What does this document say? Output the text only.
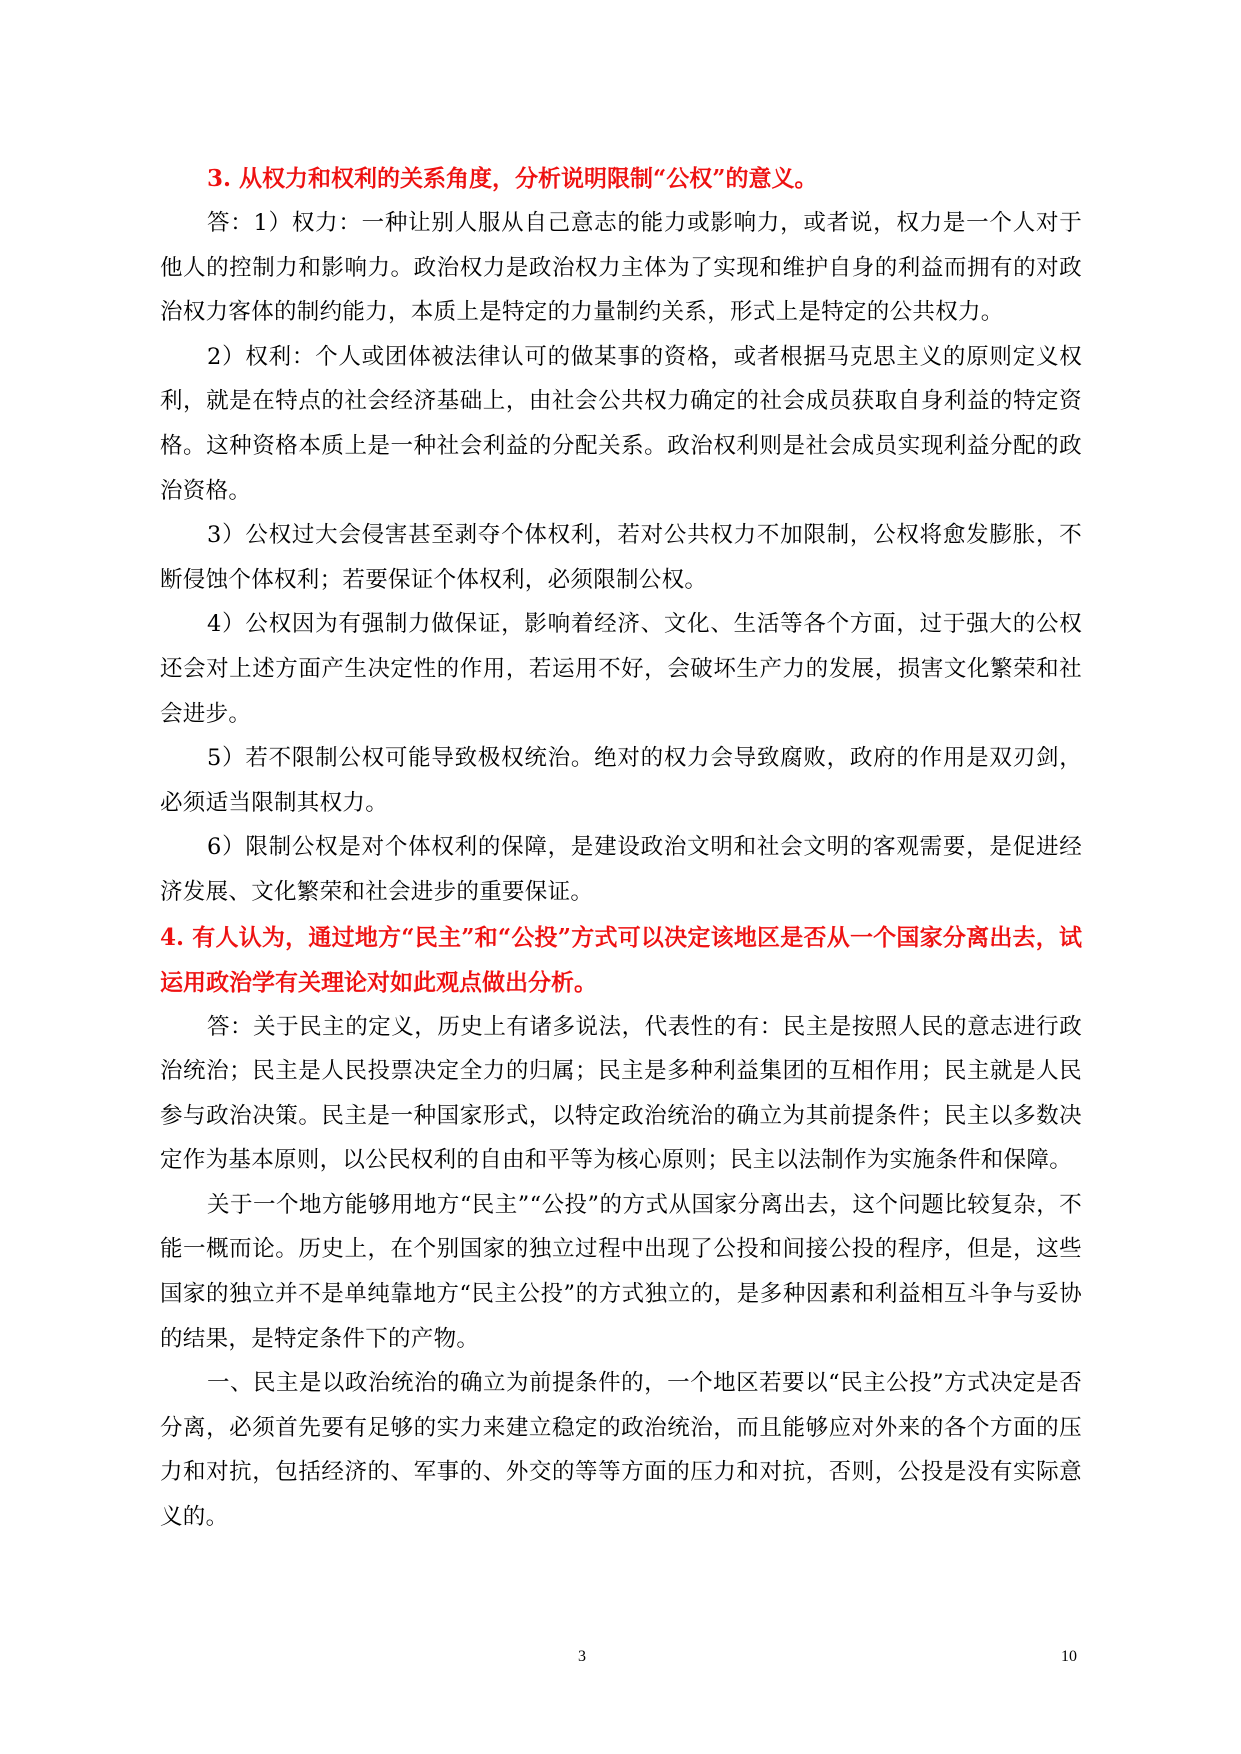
3. 从权力和权利的关系角度，分析说明限制“公权”的意义。

答：1）权力：一种让别人服从自己意志的能力或影响力，或者说，权力是一个人对于他人的控制力和影响力。政治权力是政治权力主体为了实现和维护自身的利益而拥有的对政治权力客体的制约能力，本质上是特定的力量制约关系，形式上是特定的公共权力。

2）权利：个人或团体被法律认可的做某事的资格，或者根据马克思主义的原则定义权利，就是在特点的社会经济基础上，由社会公共权力确定的社会成员获取自身利益的特定资格。这种资格本质上是一种社会利益的分配关系。政治权利则是社会成员实现利益分配的政治资格。

3）公权过大会侵害甚至剥夺个体权利，若对公共权力不加限制，公权将愈发膨胀，不断侵蚀个体权利；若要保证个体权利，必须限制公权。

4）公权因为有强制力做保证，影响着经济、文化、生活等各个方面，过于强大的公权还会对上述方面产生决定性的作用，若运用不好，会破坏生产力的发展，损害文化繁荣和社会进步。

5）若不限制公权可能导致极权统治。绝对的权力会导致腐败，政府的作用是双刃剑，必须适当限制其权力。

6）限制公权是对个体权利的保障，是建设政治文明和社会文明的客观需要，是促进经济发展、文化繁荣和社会进步的重要保证。

4. 有人认为，通过地方“民主”和“公投”方式可以决定该地区是否从一个国家分离出去，试运用政治学有关理论对如此观点做出分析。

答：关于民主的定义，历史上有诸多说法，代表性的有：民主是按照人民的意志进行政治统治；民主是人民投票决定全力的归属；民主是多种利益集团的互相作用；民主就是人民参与政治决策。民主是一种国家形式，以特定政治统治的确立为其前提条件；民主以多数决定作为基本原则，以公民权利的自由和平等为核心原则；民主以法制作为实施条件和保障。

关于一个地方能够用地方“民主”“公投”的方式从国家分离出去，这个问题比较复杂，不能一概而论。历史上，在个别国家的独立过程中出现了公投和间接公投的程序，但是，这些国家的独立并不是单纯靠地方“民主公投”的方式独立的，是多种因素和利益相互斗争与妥协的结果，是特定条件下的产物。

一、民主是以政治统治的确立为前提条件的，一个地区若要以“民主公投”方式决定是否分离，必须首先要有足够的实力来建立稳定的政治统治，而且能够应对外来的各个方面的压力和对抗，包括经济的、军事的、外交的等等方面的压力和对抗，否则，公投是没有实际意义的。

3	10
